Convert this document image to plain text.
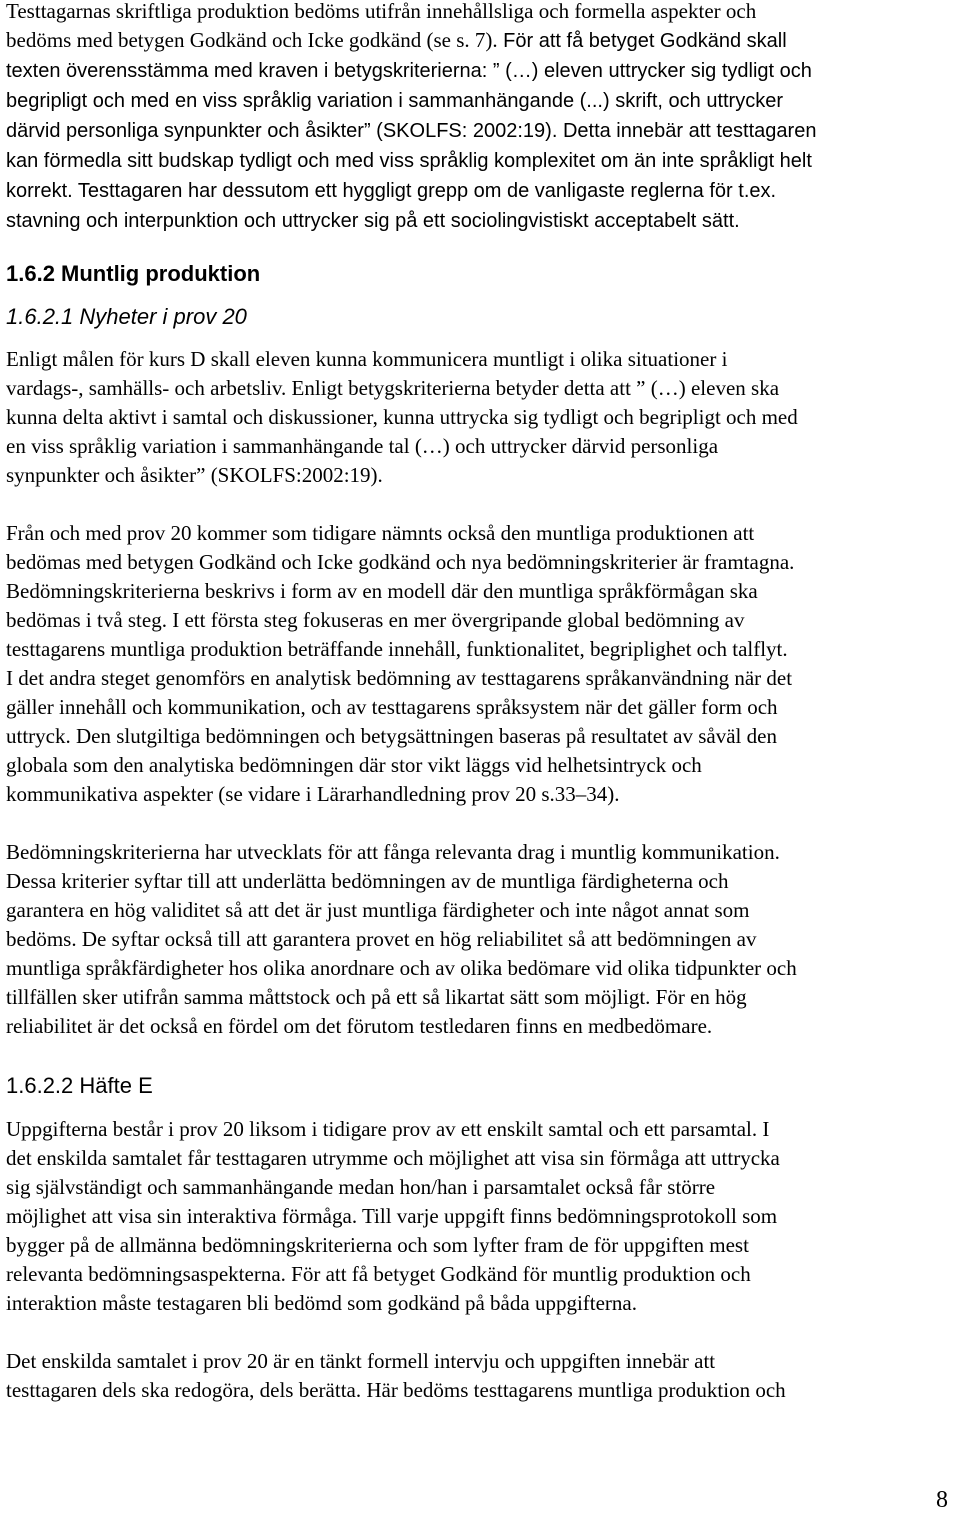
Testtagarnas skriftliga produktion bedöms utifrån innehållsliga och formella aspekter och
bedöms med betygen Godkänd och Icke godkänd (se s. 7). För att få betyget Godkänd skall
texten överensstämma med kraven i betygskriterierna: ” (…) eleven uttrycker sig tydligt och
begripligt och med en viss språklig variation i sammanhängande (...) skrift, och uttrycker
därvid personliga synpunkter och åsikter” (SKOLFS: 2002:19). Detta innebär att testtagaren
kan förmedla sitt budskap tydligt och med viss språklig komplexitet om än inte språkligt helt
korrekt. Testtagaren har dessutom ett hyggligt grepp om de vanligaste reglerna för t.ex.
stavning och interpunktion och uttrycker sig på ett sociolingvistiskt acceptabelt sätt.

1.6.2 Muntlig produktion
1.6.2.1 Nyheter i prov 20

Enligt målen för kurs D skall eleven kunna kommunicera muntligt i olika situationer i
vardags-, samhälls- och arbetsliv. Enligt betygskriterierna betyder detta att ” (…) eleven ska
kunna delta aktivt i samtal och diskussioner, kunna uttrycka sig tydligt och begripligt och med
en viss språklig variation i sammanhängande tal (…) och uttrycker därvid personliga
synpunkter och åsikter” (SKOLFS:2002:19).

Från och med prov 20 kommer som tidigare nämnts också den muntliga produktionen att
bedömas med betygen Godkänd och Icke godkänd och nya bedömningskriterier är framtagna.
Bedömningskriterierna beskrivs i form av en modell där den muntliga språkförmågan ska
bedömas i två steg. I ett första steg fokuseras en mer övergripande global bedömning av
testtagarens muntliga produktion beträffande innehåll, funktionalitet, begriplighet och talflyt.
I det andra steget genomförs en analytisk bedömning av testtagarens språkanvändning när det
gäller innehåll och kommunikation, och av testtagarens språksystem när det gäller form och
uttryck. Den slutgiltiga bedömningen och betygsättningen baseras på resultatet av såväl den
globala som den analytiska bedömningen där stor vikt läggs vid helhetsintryck och
kommunikativa aspekter (se vidare i Lärarhandledning prov 20 s.33–34).

Bedömningskriterierna har utvecklats för att fånga relevanta drag i muntlig kommunikation.
Dessa kriterier syftar till att underlätta bedömningen av de muntliga färdigheterna och
garantera en hög validitet så att det är just muntliga färdigheter och inte något annat som
bedöms. De syftar också till att garantera provet en hög reliabilitet så att bedömningen av
muntliga språkfärdigheter hos olika anordnare och av olika bedömare vid olika tidpunkter och
tillfällen sker utifrån samma måttstock och på ett så likartat sätt som möjligt. För en hög
reliabilitet är det också en fördel om det förutom testledaren finns en medbedömare.

1.6.2.2 Häfte E

Uppgifterna består i prov 20 liksom i tidigare prov av ett enskilt samtal och ett parsamtal. I
det enskilda samtalet får testtagaren utrymme och möjlighet att visa sin förmåga att uttrycka
sig självständigt och sammanhängande medan hon/han i parsamtalet också får större
möjlighet att visa sin interaktiva förmåga. Till varje uppgift finns bedömningsprotokoll som
bygger på de allmänna bedömningskriterierna och som lyfter fram de för uppgiften mest
relevanta bedömningsaspekterna. För att få betyget Godkänd för muntlig produktion och
interaktion måste testagaren bli bedömd som godkänd på båda uppgifterna.

Det enskilda samtalet i prov 20 är en tänkt formell intervju och uppgiften innebär att
testtagaren dels ska redogöra, dels berätta. Här bedöms testtagarens muntliga produktion och

8
